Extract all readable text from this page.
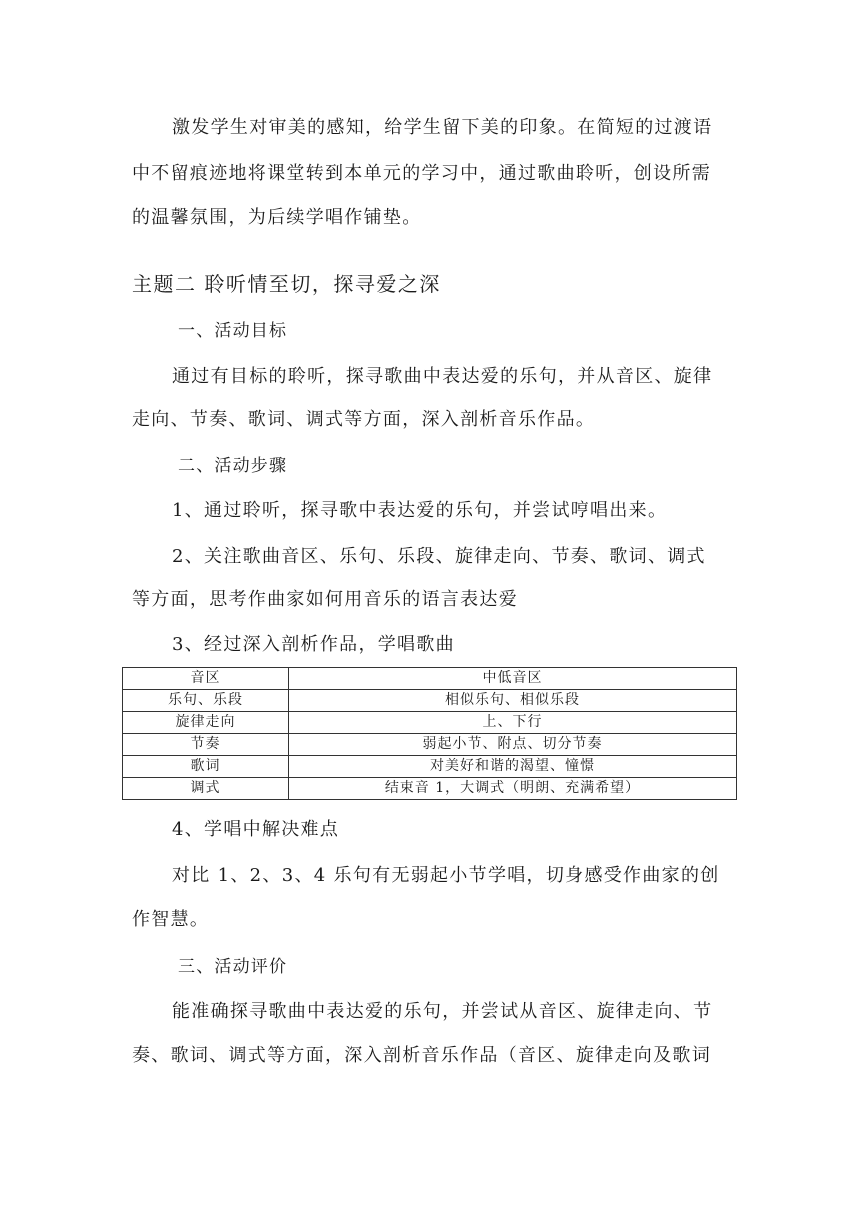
激发学生对审美的感知，给学生留下美的印象。在简短的过渡语
中不留痕迹地将课堂转到本单元的学习中，通过歌曲聆听，创设所需
的温馨氛围，为后续学唱作铺垫。
主题二 聆听情至切，探寻爱之深
一、活动目标
通过有目标的聆听，探寻歌曲中表达爱的乐句，并从音区、旋律
走向、节奏、歌词、调式等方面，深入剖析音乐作品。
二、活动步骤
1、通过聆听，探寻歌中表达爱的乐句，并尝试哼唱出来。
2、关注歌曲音区、乐句、乐段、旋律走向、节奏、歌词、调式
等方面，思考作曲家如何用音乐的语言表达爱
3、经过深入剖析作品，学唱歌曲
音区	中低音区
乐句、乐段	相似乐句、相似乐段
旋律走向	上、下行
节奏	弱起小节、附点、切分节奏
歌词	对美好和谐的渴望、憧憬
调式	结束音 1，大调式（明朗、充满希望）
4、学唱中解决难点
对比 1、2、3、4 乐句有无弱起小节学唱，切身感受作曲家的创
作智慧。
三、活动评价
能准确探寻歌曲中表达爱的乐句，并尝试从音区、旋律走向、节
奏、歌词、调式等方面，深入剖析音乐作品（音区、旋律走向及歌词
